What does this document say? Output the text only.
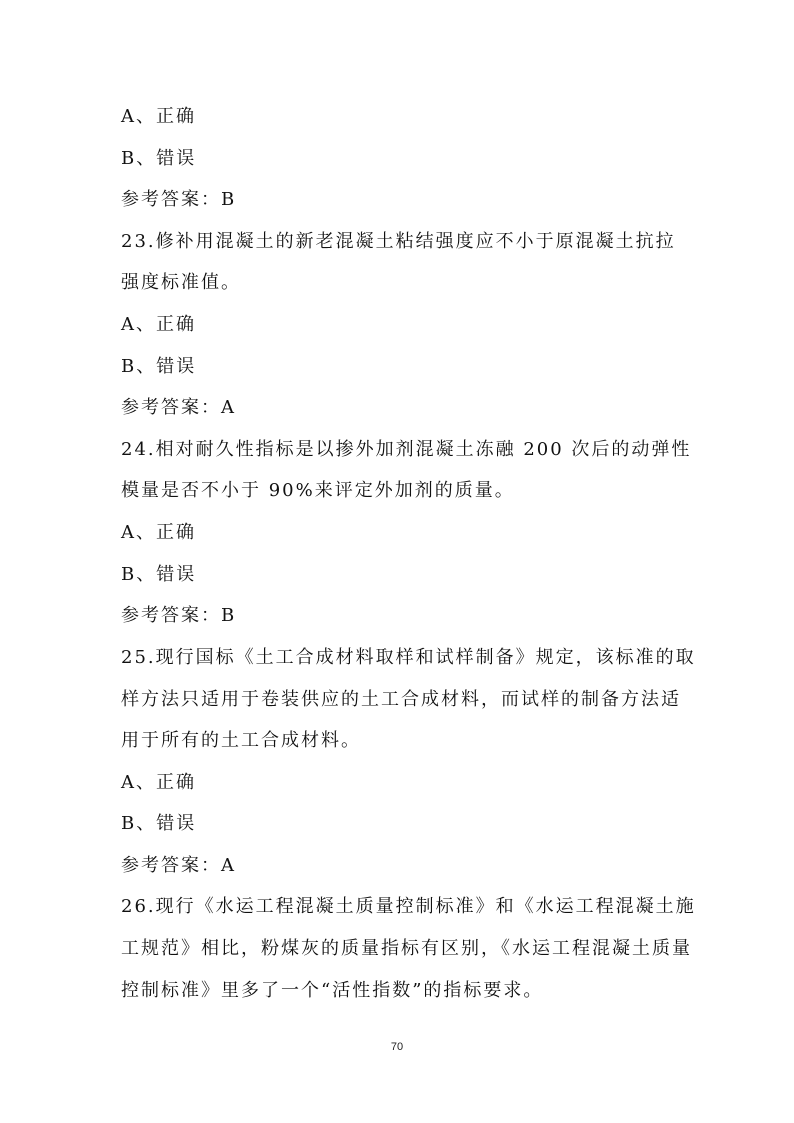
A、正确
B、错误
参考答案：B
23.修补用混凝土的新老混凝土粘结强度应不小于原混凝土抗拉
强度标准值。
A、正确
B、错误
参考答案：A
24.相对耐久性指标是以掺外加剂混凝土冻融 200 次后的动弹性
模量是否不小于 90%来评定外加剂的质量。
A、正确
B、错误
参考答案：B
25.现行国标《土工合成材料取样和试样制备》规定，该标准的取
样方法只适用于卷装供应的土工合成材料，而试样的制备方法适
用于所有的土工合成材料。
A、正确
B、错误
参考答案：A
26.现行《水运工程混凝土质量控制标准》和《水运工程混凝土施
工规范》相比，粉煤灰的质量指标有区别，《水运工程混凝土质量
控制标准》里多了一个“活性指数”的指标要求。
70
